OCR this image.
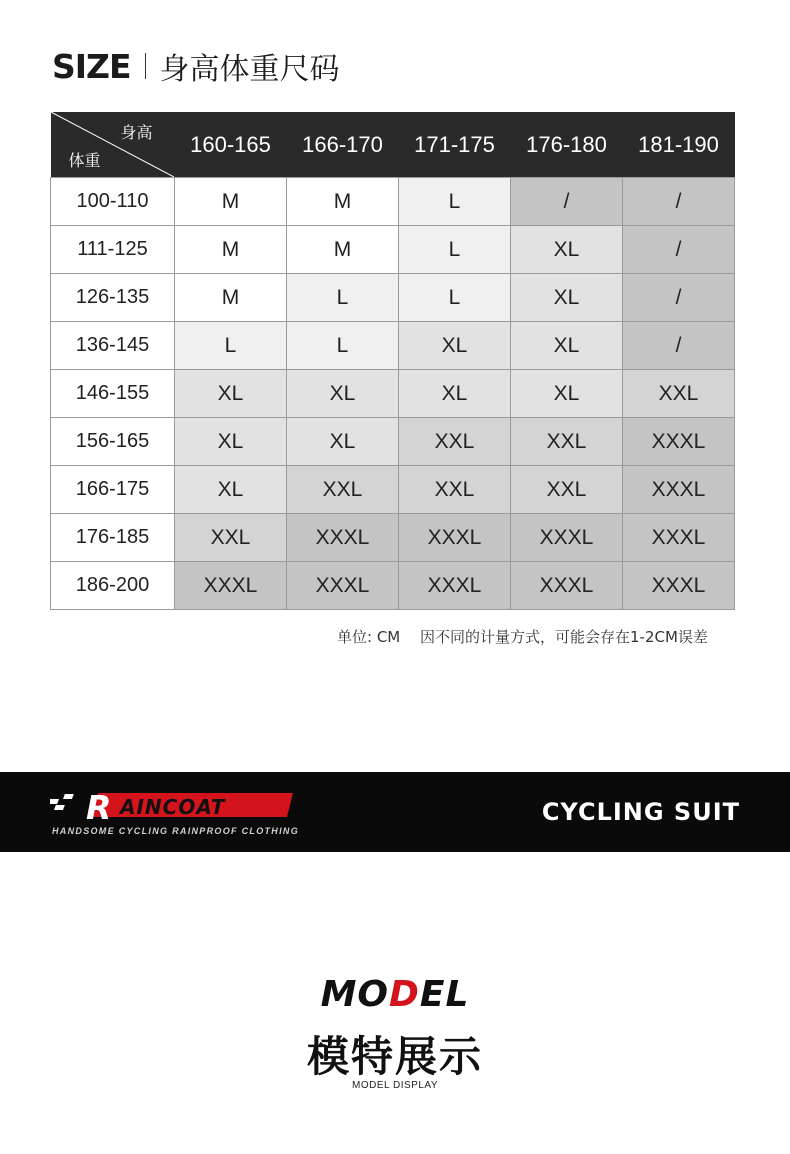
SIZE 身高体重尺码
身高
体重	160-165	166-170	171-175	176-180	181-190
100-110	M	M	L	/	/
111-125	M	M	L	XL	/
126-135	M	L	L	XL	/
136-145	L	L	XL	XL	/
146-155	XL	XL	XL	XL	XXL
156-165	XL	XL	XXL	XXL	XXXL
166-175	XL	XXL	XXL	XXL	XXXL
176-185	XXL	XXXL	XXXL	XXXL	XXXL
186-200	XXXL	XXXL	XXXL	XXXL	XXXL
单位: CM 因不同的计量方式，可能会存在1-2CM误差
R AINCOAT
HANDSOME CYCLING RAINPROOF CLOTHING
CYCLING SUIT
MODEL
模特展示
MODEL DISPLAY
